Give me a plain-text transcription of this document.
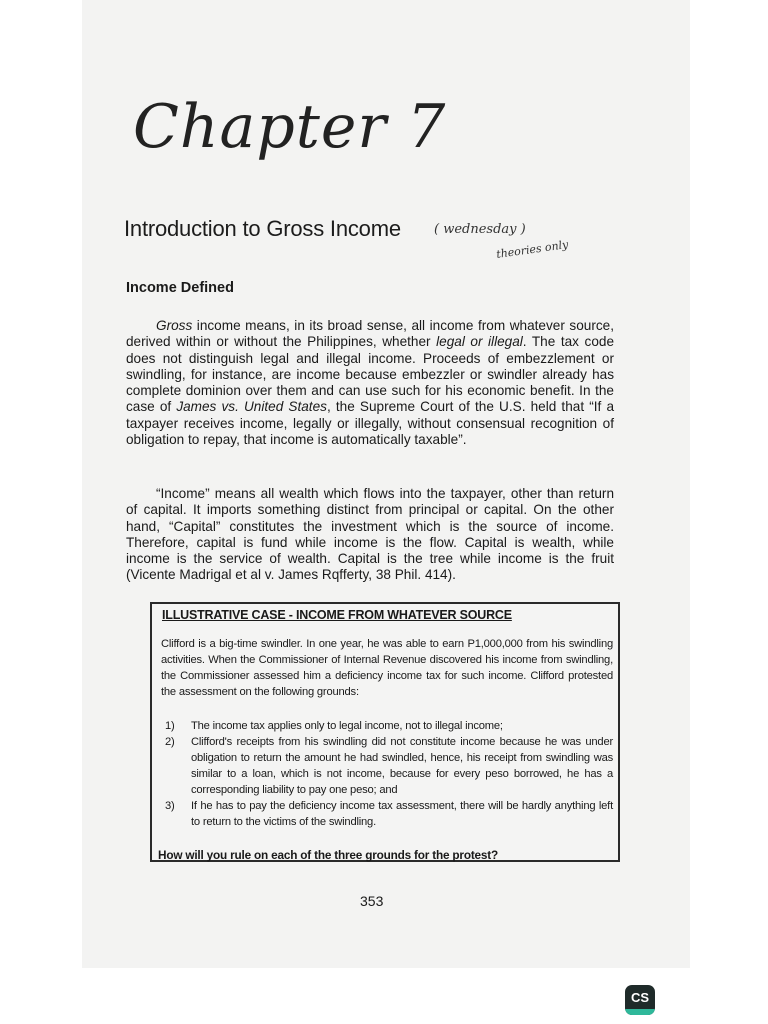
Chapter 7
Introduction to Gross Income	( wednesday )
theories only
Income Defined
Gross income means, in its broad sense, all income from whatever source, derived within or without the Philippines, whether legal or illegal. The tax code does not distinguish legal and illegal income. Proceeds of embezzlement or swindling, for instance, are income because embezzler or swindler already has complete dominion over them and can use such for his economic benefit. In the case of James vs. United States, the Supreme Court of the U.S. held that “If a taxpayer receives income, legally or illegally, without consensual recognition of obligation to repay, that income is automatically taxable”.
“Income” means all wealth which flows into the taxpayer, other than return of capital. It imports something distinct from principal or capital. On the other hand, “Capital” constitutes the investment which is the source of income. Therefore, capital is fund while income is the flow. Capital is wealth, while income is the service of wealth. Capital is the tree while income is the fruit (Vicente Madrigal et al v. James Rqfferty, 38 Phil. 414).
ILLUSTRATIVE CASE - INCOME FROM WHATEVER SOURCE
Clifford is a big-time swindler. In one year, he was able to earn P1,000,000 from his swindling activities. When the Commissioner of Internal Revenue discovered his income from swindling, the Commissioner assessed him a deficiency income tax for such income. Clifford protested the assessment on the following grounds:
1) The income tax applies only to legal income, not to illegal income;
2) Clifford's receipts from his swindling did not constitute income because he was under obligation to return the amount he had swindled, hence, his receipt from swindling was similar to a loan, which is not income, because for every peso borrowed, he has a corresponding liability to pay one peso; and
3) If he has to pay the deficiency income tax assessment, there will be hardly anything left to return to the victims of the swindling.
How will you rule on each of the three grounds for the protest?
353
CS
